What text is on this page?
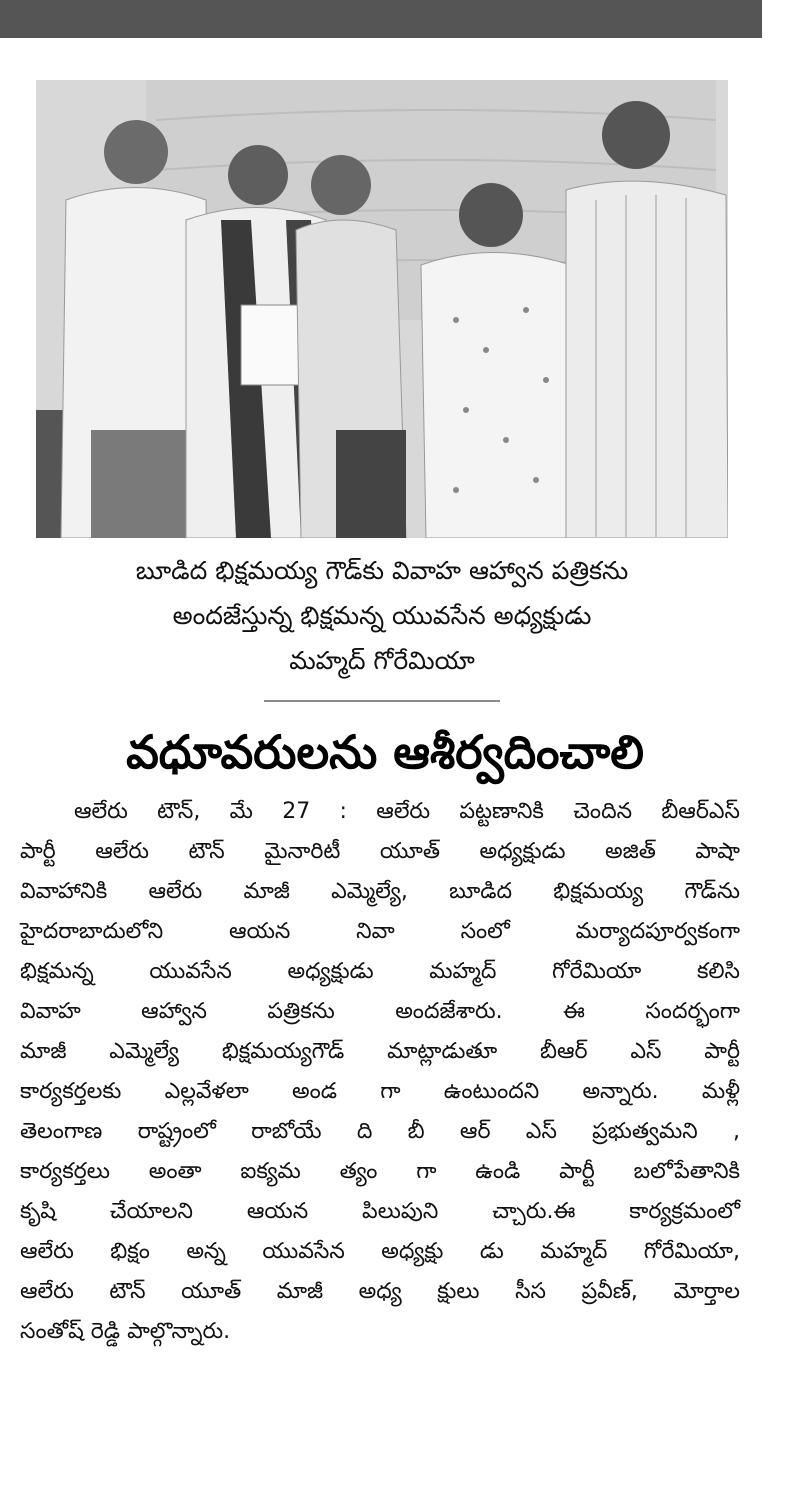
బూడిద భిక్షమయ్య గౌడ్‌కు వివాహ ఆహ్వాన పత్రికను
అందజేస్తున్న భిక్షమన్న యువసేన అధ్యక్షుడు
మహ్మద్ గోరేమియా
వధూవరులను ఆశీర్వదించాలి
ఆలేరు టౌన్, మే 27 : ఆలేరు పట్టణానికి చెందిన బీఆర్ఎస్
పార్టీ ఆలేరు టౌన్ మైనారిటీ యూత్ అధ్యక్షుడు అజిత్ పాషా
వివాహానికి ఆలేరు మాజీ ఎమ్మెల్యే, బూడిద భిక్షమయ్య గౌడ్‌ను
హైదరాబాదులోని ఆయన నివా సంలో మర్యాదపూర్వకంగా
భిక్షమన్న యువసేన అధ్యక్షుడు మహ్మద్ గోరేమియా కలిసి
వివాహ ఆహ్వాన పత్రికను అందజేశారు. ఈ సందర్భంగా
మాజీ ఎమ్మెల్యే భిక్షమయ్యగౌడ్ మాట్లాడుతూ బీఆర్ ఎస్ పార్టీ
కార్యకర్తలకు ఎల్లవేళలా అండ గా ఉంటుందని అన్నారు. మళ్లీ
తెలంగాణ రాష్ట్రంలో రాబోయే ది బీ ఆర్ ఎస్ ప్రభుత్వమని ,
కార్యకర్తలు అంతా ఐక్యమ త్యం గా ఉండి పార్టీ బలోపేతానికి
కృషి చేయాలని ఆయన పిలుపుని చ్చారు.ఈ కార్యక్రమంలో
ఆలేరు భిక్షం అన్న యువసేన అధ్యక్షు డు మహ్మద్ గోరేమియా,
ఆలేరు టౌన్ యూత్ మాజీ అధ్య క్షులు సీస ప్రవీణ్, మోర్తాల
సంతోష్ రెడ్డి పాల్గొన్నారు.
